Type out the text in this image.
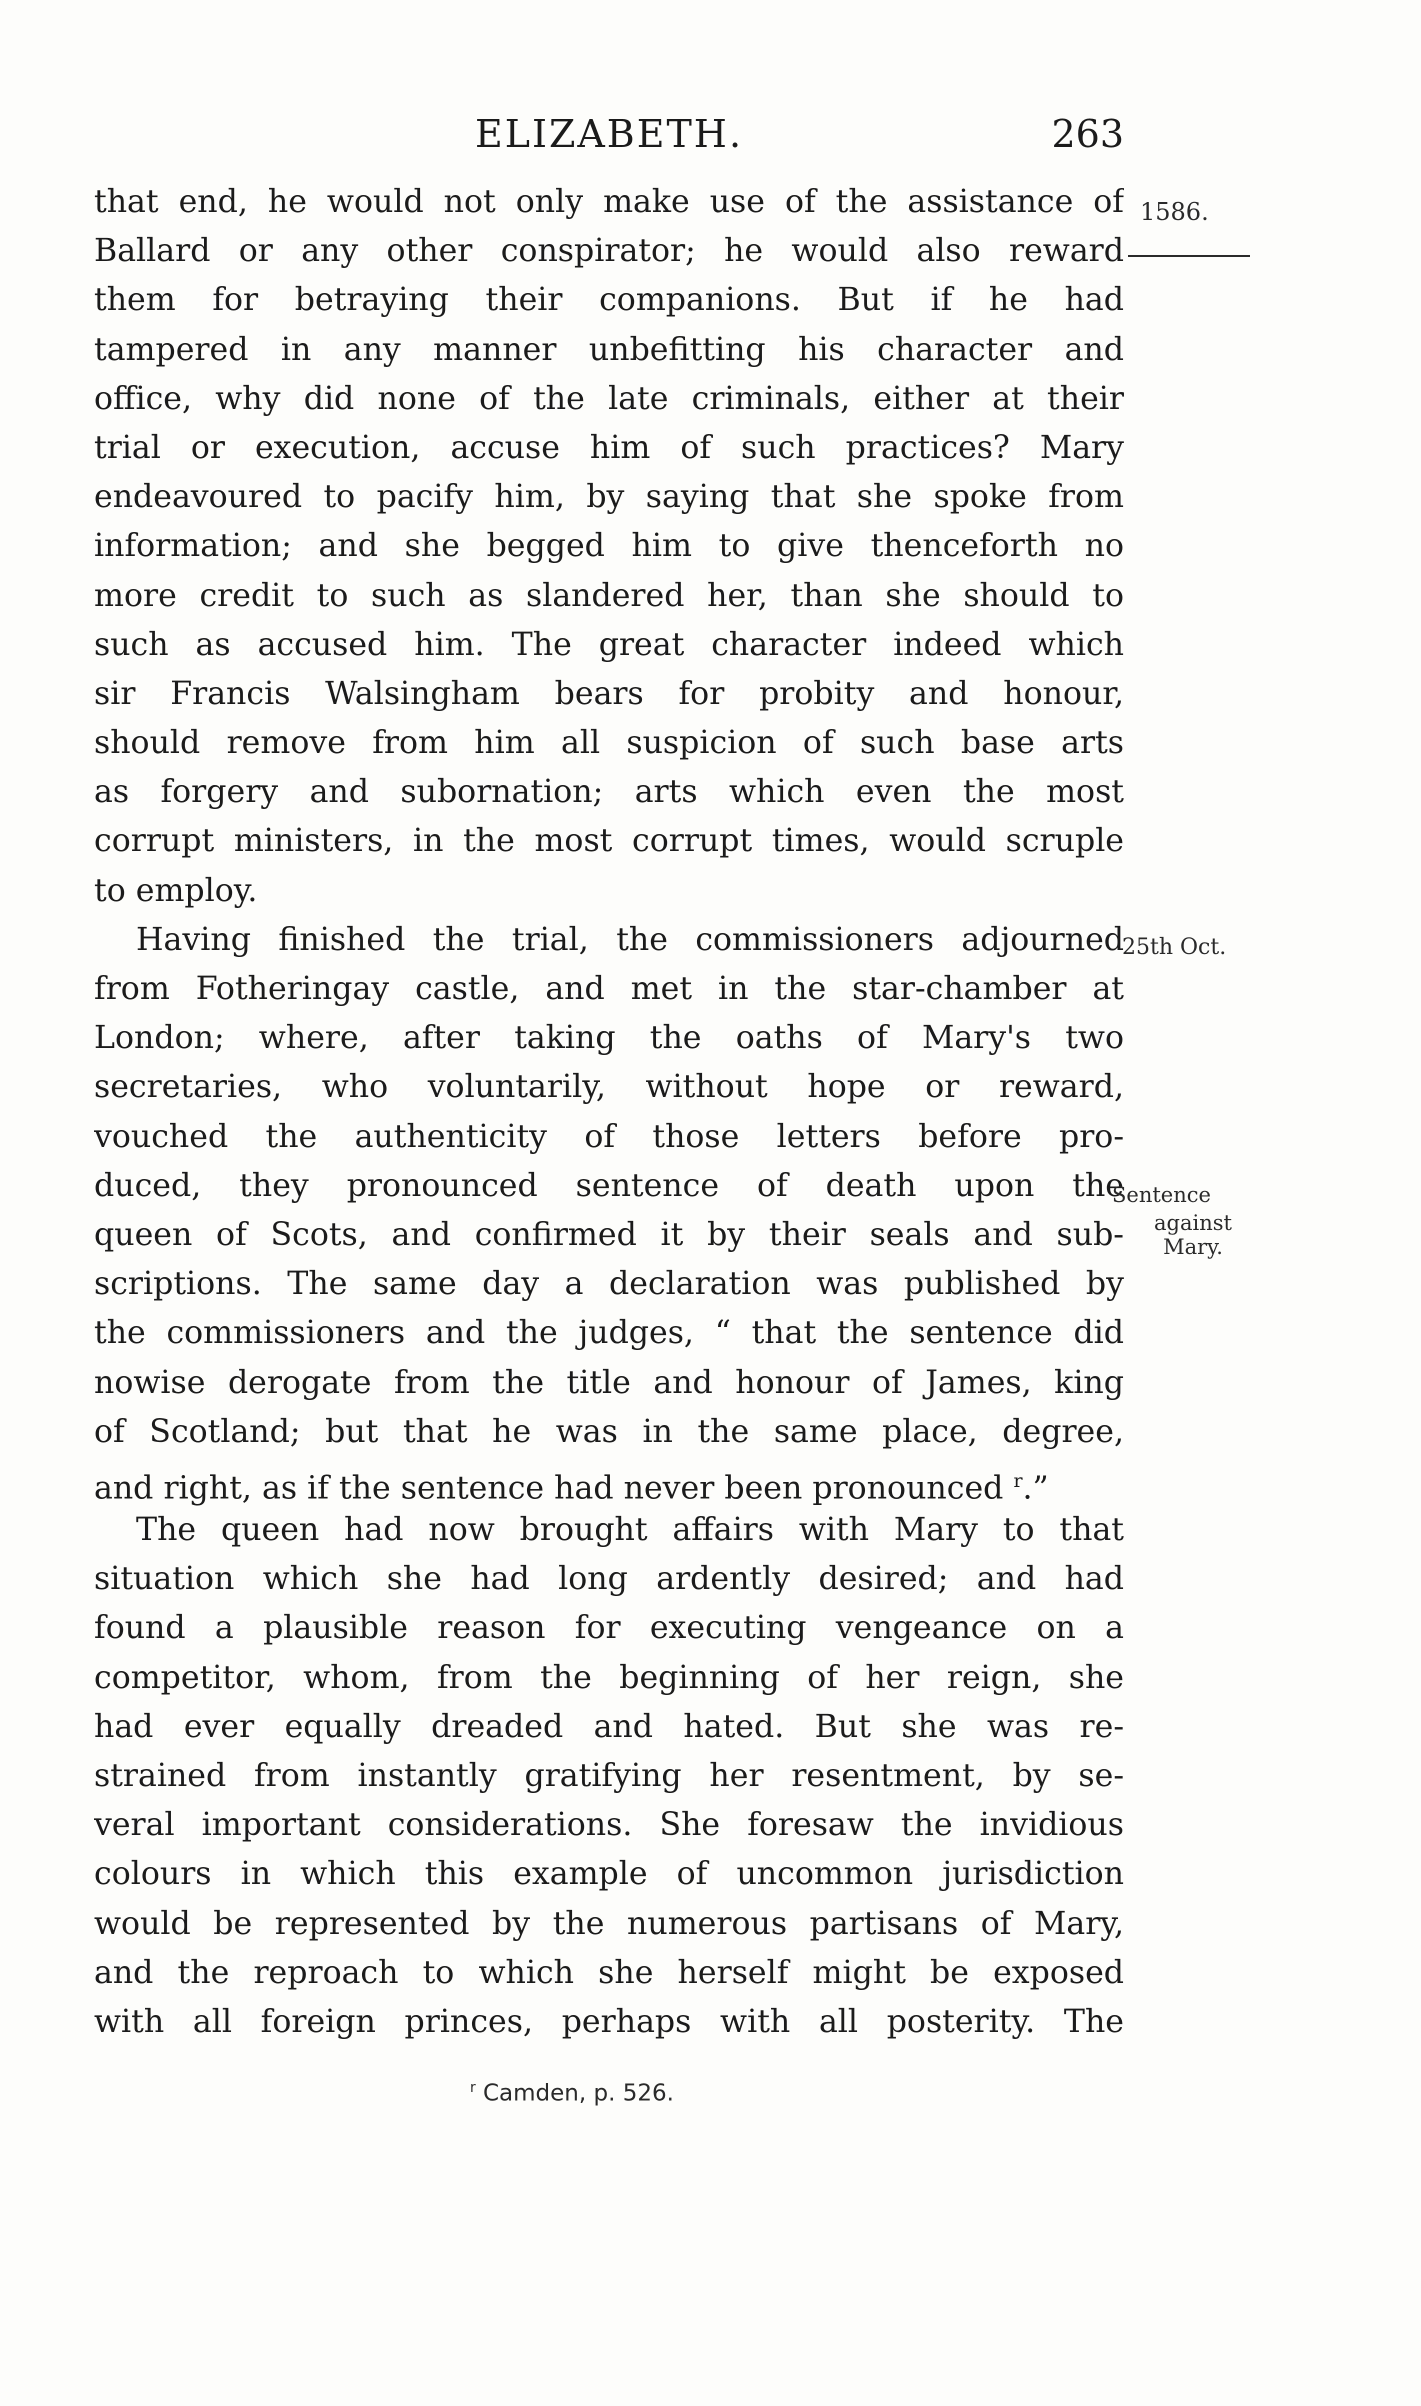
ELIZABETH.	263
that end, he would not only make use of the assistance of
Ballard or any other conspirator; he would also reward
them for betraying their companions. But if he had
tampered in any manner unbefitting his character and
office, why did none of the late criminals, either at their
trial or execution, accuse him of such practices? Mary
endeavoured to pacify him, by saying that she spoke from
information; and she begged him to give thenceforth no
more credit to such as slandered her, than she should to
such as accused him. The great character indeed which
sir Francis Walsingham bears for probity and honour,
should remove from him all suspicion of such base arts
as forgery and subornation; arts which even the most
corrupt ministers, in the most corrupt times, would scruple
to employ.
Having finished the trial, the commissioners adjourned
from Fotheringay castle, and met in the star-chamber at
London; where, after taking the oaths of Mary's two
secretaries, who voluntarily, without hope or reward,
vouched the authenticity of those letters before pro-
duced, they pronounced sentence of death upon the
queen of Scots, and confirmed it by their seals and sub-
scriptions. The same day a declaration was published by
the commissioners and the judges, “ that the sentence did
nowise derogate from the title and honour of James, king
of Scotland; but that he was in the same place, degree,
and right, as if the sentence had never been pronounced $^r$.”
The queen had now brought affairs with Mary to that
situation which she had long ardently desired; and had
found a plausible reason for executing vengeance on a
competitor, whom, from the beginning of her reign, she
had ever equally dreaded and hated. But she was re-
strained from instantly gratifying her resentment, by se-
veral important considerations. She foresaw the invidious
colours in which this example of uncommon jurisdiction
would be represented by the numerous partisans of Mary,
and the reproach to which she herself might be exposed
with all foreign princes, perhaps with all posterity. The
1586.
25th Oct.
Sentence
against
Mary.
$^r$ Camden, p. 526.
